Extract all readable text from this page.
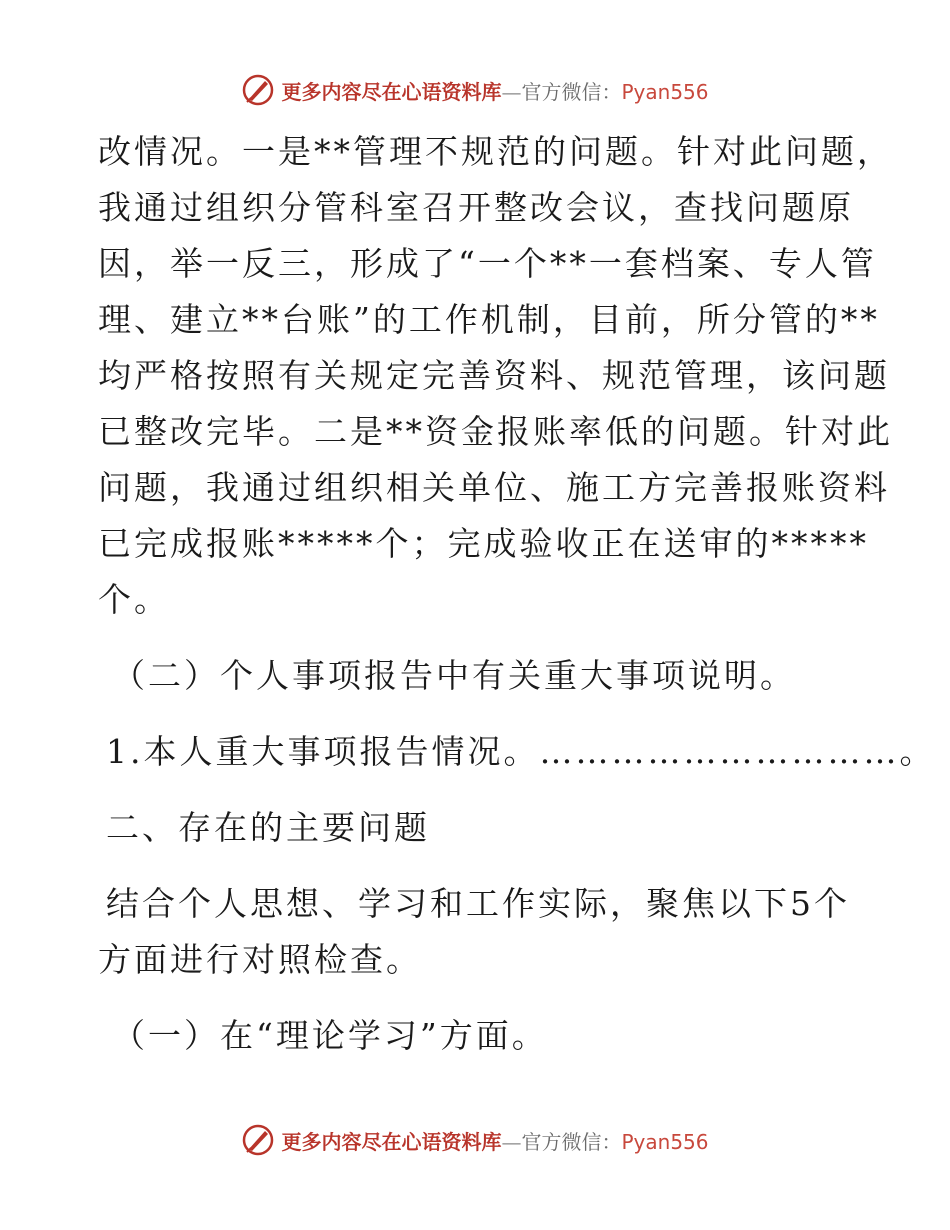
更多内容尽在心语资料库—官方微信：Pyan556
改情况。一是**管理不规范的问题。针对此问题，
我通过组织分管科室召开整改会议，查找问题原
因，举一反三，形成了“一个**一套档案、专人管
理、建立**台账”的工作机制，目前，所分管的**
均严格按照有关规定完善资料、规范管理，该问题
已整改完毕。二是**资金报账率低的问题。针对此
问题，我通过组织相关单位、施工方完善报账资料
已完成报账*****个；完成验收正在送审的*****
个。
（二）个人事项报告中有关重大事项说明。
1.本人重大事项报告情况。…………………………。
二、存在的主要问题
结合个人思想、学习和工作实际，聚焦以下5个
方面进行对照检查。
（一）在“理论学习”方面。
更多内容尽在心语资料库—官方微信：Pyan556
